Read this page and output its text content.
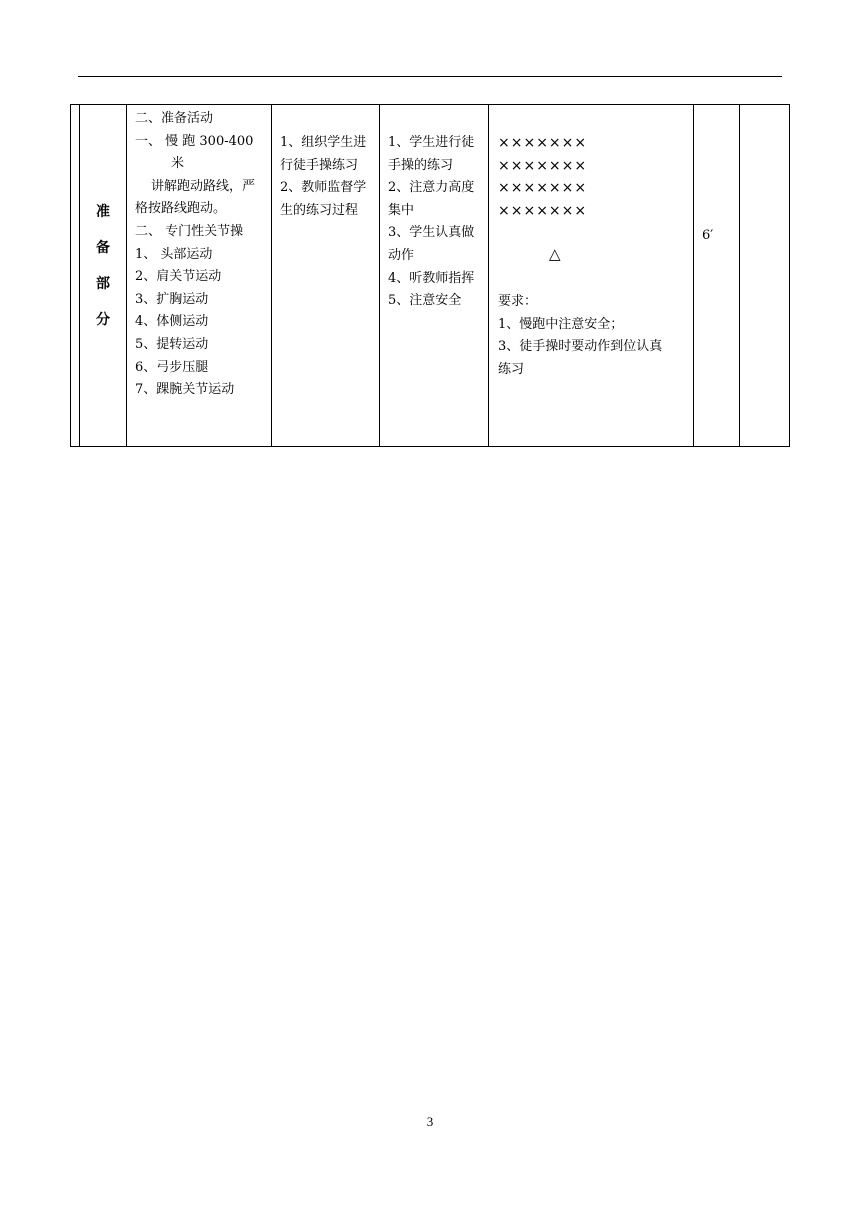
准
备
部
分
二、准备活动
一、 慢 跑 300-400
米
讲解跑动路线，严
格按路线跑动。
二、 专门性关节操
1、 头部运动
2、肩关节运动
3、扩胸运动
4、体侧运动
5、提转运动
6、弓步压腿
7、踝腕关节运动
1、组织学生进
行徒手操练习
2、教师监督学
生的练习过程
1、学生进行徒
手操的练习
2、注意力高度
集中
3、学生认真做
动作
4、听教师指挥
5、注意安全
×××××××
×××××××
×××××××
×××××××
△
要求：
1、慢跑中注意安全；
3、徒手操时要动作到位认真
练习
6′
3
